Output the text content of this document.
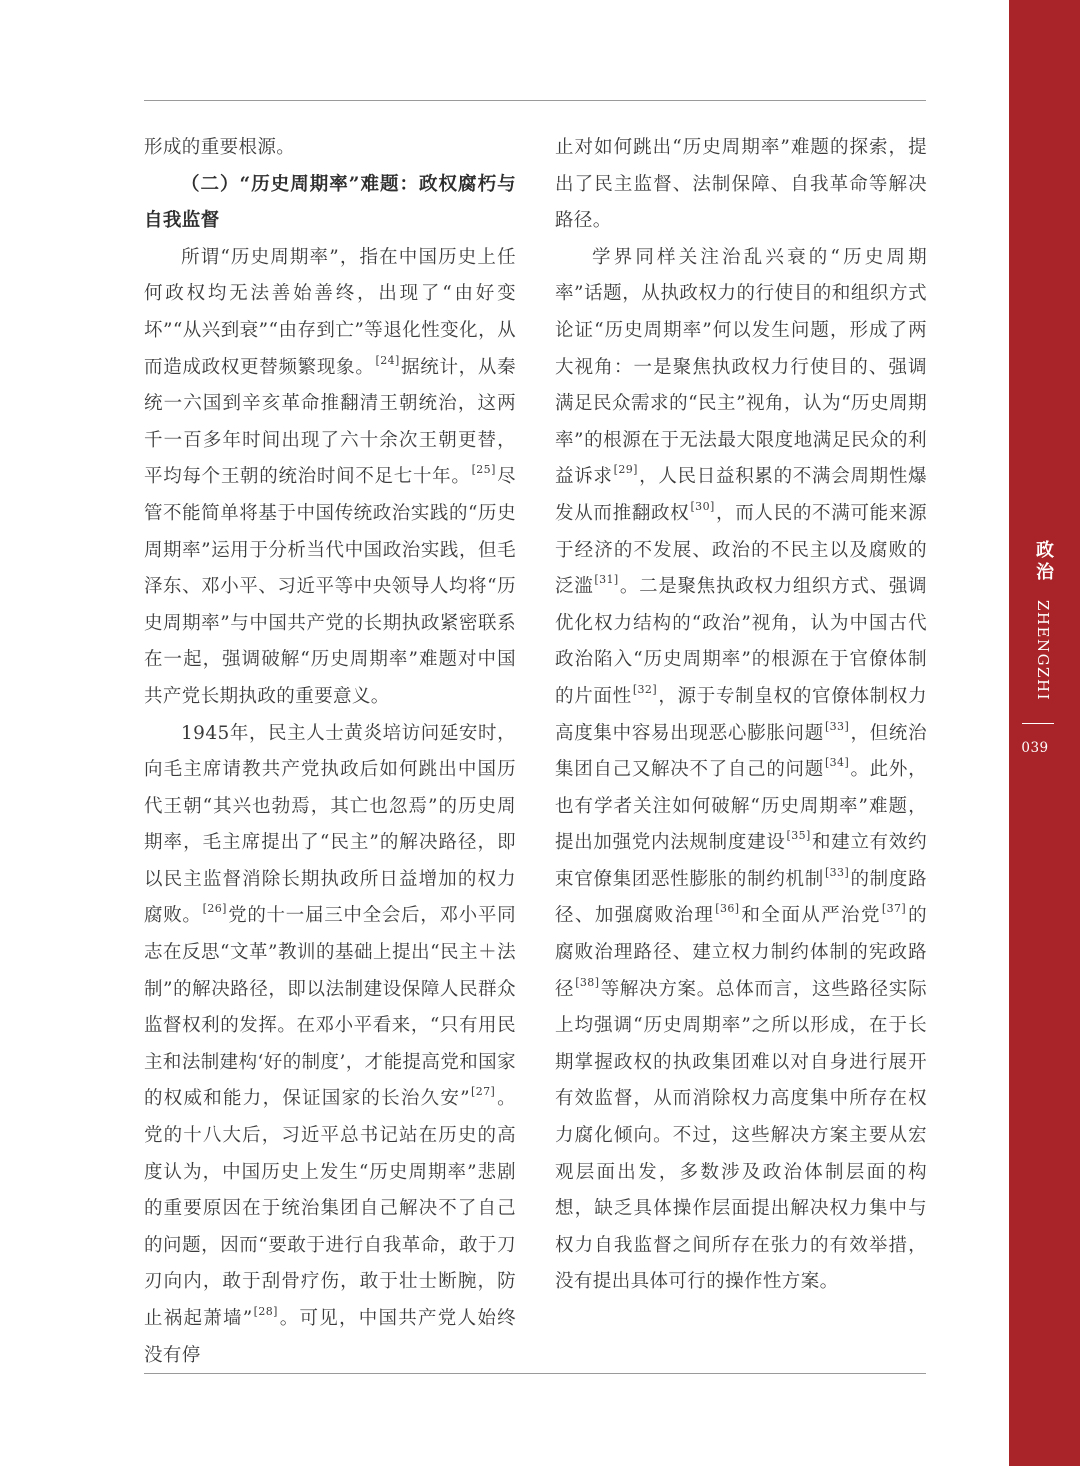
形成的重要根源。

（二）“历史周期率”难题：政权腐朽与自我监督

所谓“历史周期率”，指在中国历史上任何政权均无法善始善终，出现了“由好变坏”“从兴到衰”“由存到亡”等退化性变化，从而造成政权更替频繁现象。[24]据统计，从秦统一六国到辛亥革命推翻清王朝统治，这两千一百多年时间出现了六十余次王朝更替，平均每个王朝的统治时间不足七十年。[25]尽管不能简单将基于中国传统政治实践的“历史周期率”运用于分析当代中国政治实践，但毛泽东、邓小平、习近平等中央领导人均将“历史周期率”与中国共产党的长期执政紧密联系在一起，强调破解“历史周期率”难题对中国共产党长期执政的重要意义。

1945年，民主人士黄炎培访问延安时，向毛主席请教共产党执政后如何跳出中国历代王朝“其兴也勃焉，其亡也忽焉”的历史周期率，毛主席提出了“民主”的解决路径，即以民主监督消除长期执政所日益增加的权力腐败。[26]党的十一届三中全会后，邓小平同志在反思“文革”教训的基础上提出“民主＋法制”的解决路径，即以法制建设保障人民群众监督权利的发挥。在邓小平看来，“只有用民主和法制建构‘好的制度’，才能提高党和国家的权威和能力，保证国家的长治久安”[27]。党的十八大后，习近平总书记站在历史的高度认为，中国历史上发生“历史周期率”悲剧的重要原因在于统治集团自己解决不了自己的问题，因而“要敢于进行自我革命，敢于刀刃向内，敢于刮骨疗伤，敢于壮士断腕，防止祸起萧墙”[28]。可见，中国共产党人始终没有停

止对如何跳出“历史周期率”难题的探索，提出了民主监督、法制保障、自我革命等解决路径。

学界同样关注治乱兴衰的“历史周期率”话题，从执政权力的行使目的和组织方式论证“历史周期率”何以发生问题，形成了两大视角：一是聚焦执政权力行使目的、强调满足民众需求的“民主”视角，认为“历史周期率”的根源在于无法最大限度地满足民众的利益诉求[29]，人民日益积累的不满会周期性爆发从而推翻政权[30]，而人民的不满可能来源于经济的不发展、政治的不民主以及腐败的泛滥[31]。二是聚焦执政权力组织方式、强调优化权力结构的“政治”视角，认为中国古代政治陷入“历史周期率”的根源在于官僚体制的片面性[32]，源于专制皇权的官僚体制权力高度集中容易出现恶心膨胀问题[33]，但统治集团自己又解决不了自己的问题[34]。此外，也有学者关注如何破解“历史周期率”难题，提出加强党内法规制度建设[35]和建立有效约束官僚集团恶性膨胀的制约机制[33]的制度路径、加强腐败治理[36]和全面从严治党[37]的腐败治理路径、建立权力制约体制的宪政路径[38]等解决方案。总体而言，这些路径实际上均强调“历史周期率”之所以形成，在于长期掌握政权的执政集团难以对自身进行展开有效监督，从而消除权力高度集中所存在权力腐化倾向。不过，这些解决方案主要从宏观层面出发，多数涉及政治体制层面的构想，缺乏具体操作层面提出解决权力集中与权力自我监督之间所存在张力的有效举措，没有提出具体可行的操作性方案。

政治 ZHENGZHI
039
